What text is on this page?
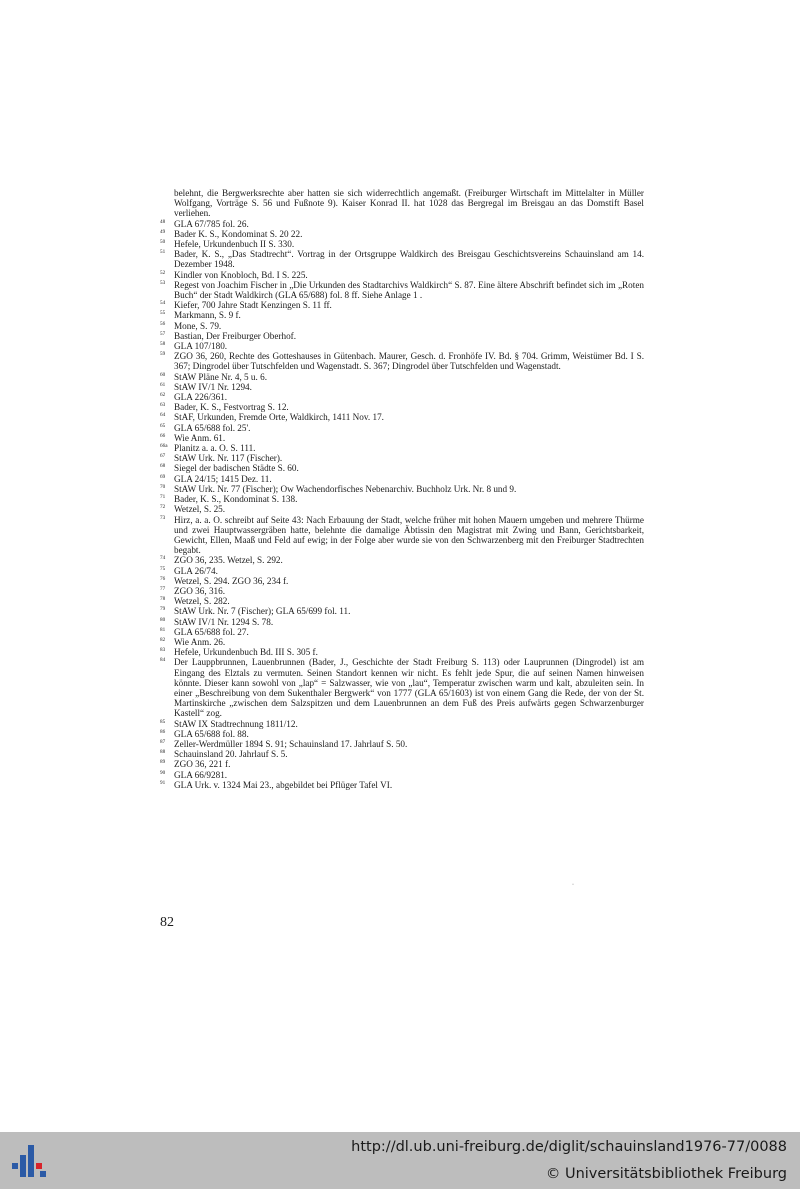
belehnt, die Bergwerksrechte aber hatten sie sich widerrechtlich angemaßt. (Freiburger Wirtschaft im Mittelalter in Müller Wolfgang, Vorträge S. 56 und Fußnote 9). Kaiser Konrad II. hat 1028 das Bergregal im Breisgau an das Domstift Basel verliehen.
48 GLA 67/785 fol. 26.
49 Bader K. S., Kondominat S. 20 22.
50 Hefele, Urkundenbuch II S. 330.
51 Bader, K. S., „Das Stadtrecht“. Vortrag in der Ortsgruppe Waldkirch des Breisgau Geschichtsvereins Schauinsland am 14. Dezember 1948.
52 Kindler von Knobloch, Bd. I S. 225.
53 Regest von Joachim Fischer in „Die Urkunden des Stadtarchivs Waldkirch“ S. 87. Eine ältere Abschrift befindet sich im „Roten Buch“ der Stadt Waldkirch (GLA 65/688) fol. 8 ff. Siehe Anlage 1 .
54 Kiefer, 700 Jahre Stadt Kenzingen S. 11 ff.
55 Markmann, S. 9 f.
56 Mone, S. 79.
57 Bastian, Der Freiburger Oberhof.
58 GLA 107/180.
59 ZGO 36, 260, Rechte des Gotteshauses in Gütenbach. Maurer, Gesch. d. Fronhöfe IV. Bd. § 704. Grimm, Weistümer Bd. I S. 367; Dingrodel über Tutschfelden und Wagenstadt. S. 367; Dingrodel über Tutschfelden und Wagenstadt.
60 StAW Pläne Nr. 4, 5 u. 6.
61 StAW IV/1 Nr. 1294.
62 GLA 226/361.
63 Bader, K. S., Festvortrag S. 12.
64 StAF, Urkunden, Fremde Orte, Waldkirch, 1411 Nov. 17.
65 GLA 65/688 fol. 25'.
66 Wie Anm. 61.
66a Planitz a. a. O. S. 111.
67 StAW Urk. Nr. 117 (Fischer).
68 Siegel der badischen Städte S. 60.
69 GLA 24/15; 1415 Dez. 11.
70 StAW Urk. Nr. 77 (Fischer); Ow Wachendorfisches Nebenarchiv. Buchholz Urk. Nr. 8 und 9.
71 Bader, K. S., Kondominat S. 138.
72 Wetzel, S. 25.
73 Hirz, a. a. O. schreibt auf Seite 43: Nach Erbauung der Stadt, welche früher mit hohen Mauern umgeben und mehrere Thürme und zwei Hauptwassergräben hatte, belehnte die damalige Äbtissin den Magistrat mit Zwing und Bann, Gerichtsbarkeit, Gewicht, Ellen, Maaß und Feld auf ewig; in der Folge aber wurde sie von den Schwarzenberg mit den Freiburger Stadtrechten begabt.
74 ZGO 36, 235. Wetzel, S. 292.
75 GLA 26/74.
76 Wetzel, S. 294. ZGO 36, 234 f.
77 ZGO 36, 316.
78 Wetzel, S. 282.
79 StAW Urk. Nr. 7 (Fischer); GLA 65/699 fol. 11.
80 StAW IV/1 Nr. 1294 S. 78.
81 GLA 65/688 fol. 27.
82 Wie Anm. 26.
83 Hefele, Urkundenbuch Bd. III S. 305 f.
84 Der Lauppbrunnen, Lauenbrunnen (Bader, J., Geschichte der Stadt Freiburg S. 113) oder Lauprunnen (Dingrodel) ist am Eingang des Elztals zu vermuten. Seinen Standort kennen wir nicht. Es fehlt jede Spur, die auf seinen Namen hinweisen könnte. Dieser kann sowohl von „lap“ = Salzwasser, wie von „lau“, Temperatur zwischen warm und kalt, abzuleiten sein. In einer „Beschreibung von dem Sukenthaler Bergwerk“ von 1777 (GLA 65/1603) ist von einem Gang die Rede, der von der St. Martinskirche „zwischen dem Salzspitzen und dem Lauenbrunnen an dem Fuß des Preis aufwärts gegen Schwarzenburger Kastell“ zog.
85 StAW IX Stadtrechnung 1811/12.
86 GLA 65/688 fol. 88.
87 Zeller-Werdmüller 1894 S. 91; Schauinsland 17. Jahrlauf S. 50.
88 Schauinsland 20. Jahrlauf S. 5.
89 ZGO 36, 221 f.
90 GLA 66/9281.
91 GLA Urk. v. 1324 Mai 23., abgebildet bei Pflüger Tafel VI.
·
82
http://dl.ub.uni-freiburg.de/diglit/schauinsland1976-77/0088
© Universitätsbibliothek Freiburg
